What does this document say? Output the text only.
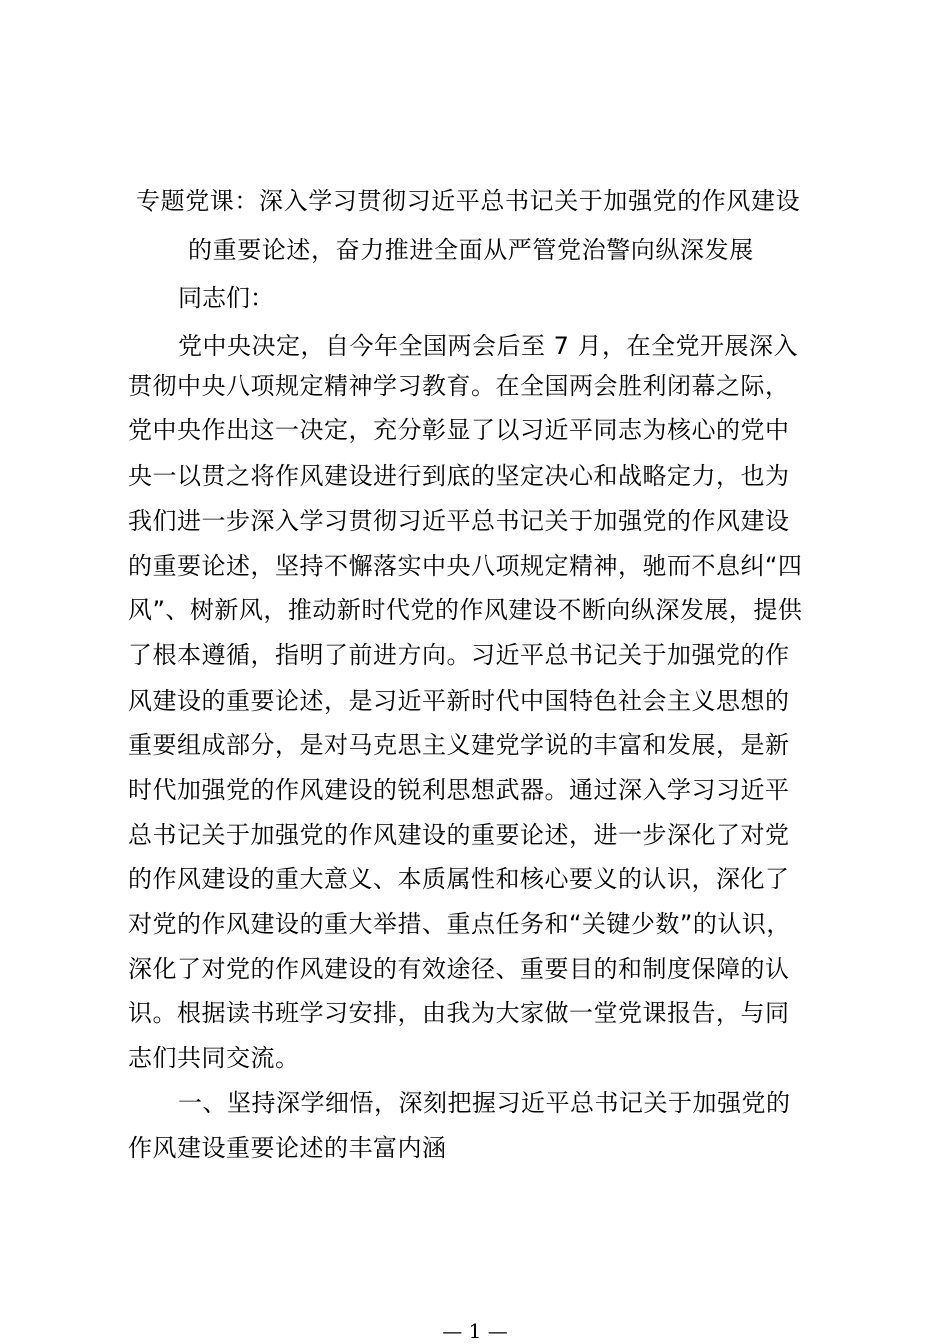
专题党课：深入学习贯彻习近平总书记关于加强党的作风建设
的重要论述，奋力推进全面从严管党治警向纵深发展
同志们：
党中央决定，自今年全国两会后至 7 月，在全党开展深入
贯彻中央八项规定精神学习教育。在全国两会胜利闭幕之际，
党中央作出这一决定，充分彰显了以习近平同志为核心的党中
央一以贯之将作风建设进行到底的坚定决心和战略定力，也为
我们进一步深入学习贯彻习近平总书记关于加强党的作风建设
的重要论述，坚持不懈落实中央八项规定精神，驰而不息纠“四
风”、树新风，推动新时代党的作风建设不断向纵深发展，提供
了根本遵循，指明了前进方向。习近平总书记关于加强党的作
风建设的重要论述，是习近平新时代中国特色社会主义思想的
重要组成部分，是对马克思主义建党学说的丰富和发展，是新
时代加强党的作风建设的锐利思想武器。通过深入学习习近平
总书记关于加强党的作风建设的重要论述，进一步深化了对党
的作风建设的重大意义、本质属性和核心要义的认识，深化了
对党的作风建设的重大举措、重点任务和“关键少数”的认识，
深化了对党的作风建设的有效途径、重要目的和制度保障的认
识。根据读书班学习安排，由我为大家做一堂党课报告，与同
志们共同交流。
一、坚持深学细悟，深刻把握习近平总书记关于加强党的
作风建设重要论述的丰富内涵
— 1 —
